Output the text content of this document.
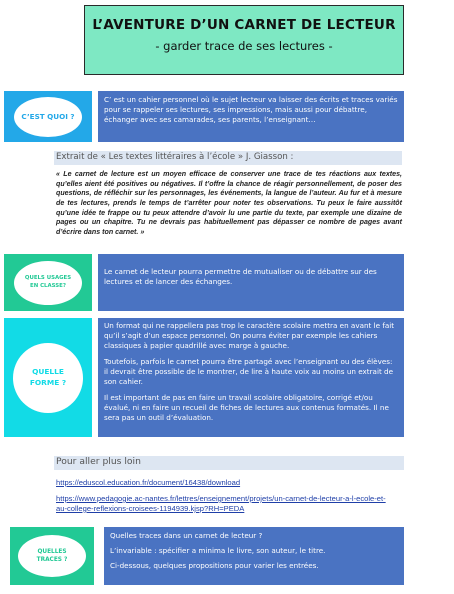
L’AVENTURE D’UN CARNET DE LECTEUR
- garder trace de ses lectures -
C’EST QUOI ?
C’ est un cahier personnel où le sujet lecteur va laisser des écrits et traces variés pour se rappeler ses lectures, ses impressions, mais aussi pour débattre, échanger avec ses camarades, ses parents, l’enseignant…
Extrait de « Les textes littéraires à l’école » J. Giasson :
« Le carnet de lecture est un moyen efficace de conserver une trace de tes réactions aux textes, qu’elles aient été positives ou négatives. Il t’offre la chance de réagir personnellement, de poser des questions, de réfléchir sur les personnages, les événements, la langue de l’auteur. Au fur et à mesure de tes lectures, prends le temps de t’arrêter pour noter tes observations. Tu peux le faire aussitôt qu’une idée te frappe ou tu peux attendre d’avoir lu une partie du texte, par exemple une dizaine de pages ou un chapitre. Tu ne devrais pas habituellement pas dépasser ce nombre de pages avant d’écrire dans ton carnet. »
QUELS USAGES EN CLASSE?
Le carnet de lecteur pourra permettre de mutualiser ou de débattre sur des lectures et de lancer des échanges.
QUELLE FORME ?

Un format qui ne rappellera pas trop le caractère scolaire mettra en avant le fait qu’il s’agit d’un espace personnel. On pourra éviter par exemple les cahiers classiques à papier quadrillé avec marge à gauche.

Toutefois, parfois le carnet pourra être partagé avec l’enseignant ou des élèves: il devrait être possible de le montrer, de lire à haute voix au moins un extrait de son cahier.

Il est important de pas en faire un travail scolaire obligatoire, corrigé et/ou évalué, ni en faire un recueil de fiches de lectures aux contenus formatés. Il ne sera pas un outil d’évaluation.

Pour aller plus loin
https://eduscol.education.fr/document/16438/download
https://www.pedagogie.ac-nantes.fr/lettres/enseignement/projets/un-carnet-de-lecteur-a-l-ecole-et-au-college-reflexions-croisees-1194939.kjsp?RH=PEDA
QUELLES TRACES ?

Quelles traces dans un carnet de lecteur ?

L’invariable : spécifier a minima le livre, son auteur, le titre.

Ci-dessous, quelques propositions pour varier les entrées.
